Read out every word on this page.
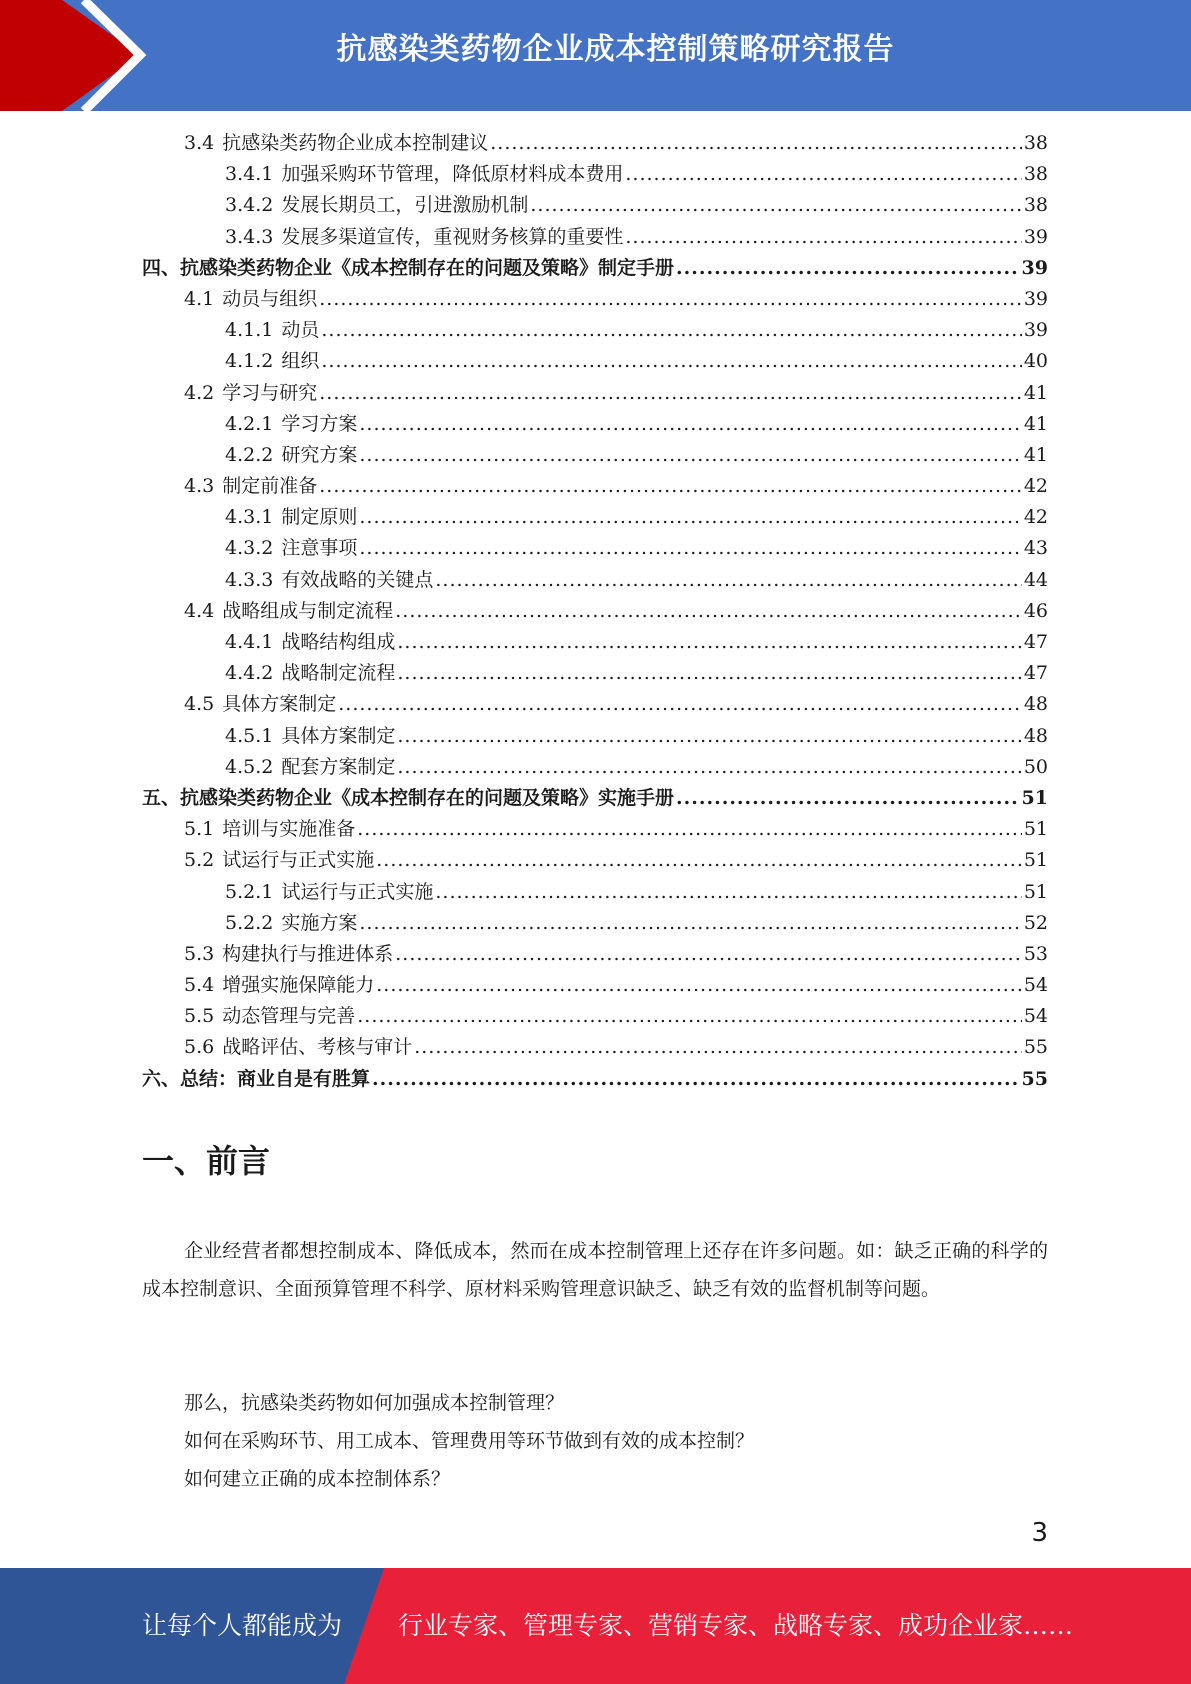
抗感染类药物企业成本控制策略研究报告
3.4 抗感染类药物企业成本控制建议 .....	38
3.4.1 加强采购环节管理，降低原材料成本费用 .....	38
3.4.2 发展长期员工，引进激励机制 .....	38
3.4.3 发展多渠道宣传，重视财务核算的重要性 .....	39
四、抗感染类药物企业《成本控制存在的问题及策略》制定手册 .....	39
4.1 动员与组织 .....	39
4.1.1 动员 .....	39
4.1.2 组织 .....	40
4.2 学习与研究 .....	41
4.2.1 学习方案 .....	41
4.2.2 研究方案 .....	41
4.3 制定前准备 .....	42
4.3.1 制定原则 .....	42
4.3.2 注意事项 .....	43
4.3.3 有效战略的关键点 .....	44
4.4 战略组成与制定流程 .....	46
4.4.1 战略结构组成 .....	47
4.4.2 战略制定流程 .....	47
4.5 具体方案制定 .....	48
4.5.1 具体方案制定 .....	48
4.5.2 配套方案制定 .....	50
五、抗感染类药物企业《成本控制存在的问题及策略》实施手册 .....	51
5.1 培训与实施准备 .....	51
5.2 试运行与正式实施 .....	51
5.2.1 试运行与正式实施 .....	51
5.2.2 实施方案 .....	52
5.3 构建执行与推进体系 .....	53
5.4 增强实施保障能力 .....	54
5.5 动态管理与完善 .....	54
5.6 战略评估、考核与审计 .....	55
六、总结：商业自是有胜算 .....	55
一、前言
企业经营者都想控制成本、降低成本，然而在成本控制管理上还存在许多问题。如：缺乏正确的科学的成本控制意识、全面预算管理不科学、原材料采购管理意识缺乏、缺乏有效的监督机制等问题。
那么，抗感染类药物如何加强成本控制管理？
如何在采购环节、用工成本、管理费用等环节做到有效的成本控制？
如何建立正确的成本控制体系？
3
让每个人都能成为 行业专家、管理专家、营销专家、战略专家、成功企业家……
